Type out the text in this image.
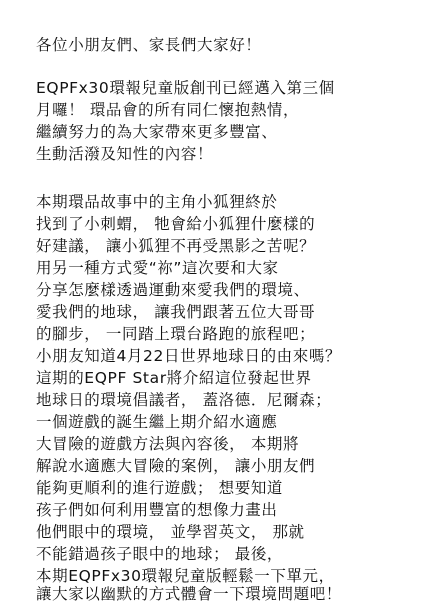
各位小朋友們、家長們大家好！
EQPFx30環報兒童版創刊已經邁入第三個
月囉！ 環品會的所有同仁懷抱熱情，
繼續努力的為大家帶來更多豐富、
生動活潑及知性的內容！
本期環品故事中的主角小狐狸終於
找到了小刺蝟， 牠會給小狐狸什麼樣的
好建議， 讓小狐狸不再受黑影之苦呢？
用另一種方式愛“祢”這次要和大家
分享怎麼樣透過運動來愛我們的環境、
愛我們的地球， 讓我們跟著五位大哥哥
的腳步， 一同踏上環台路跑的旅程吧；
小朋友知道4月22日世界地球日的由來嗎？
這期的EQPF Star將介紹這位發起世界
地球日的環境倡議者， 蓋洛德．尼爾森；
一個遊戲的誕生繼上期介紹水適應
大冒險的遊戲方法與內容後， 本期將
解說水適應大冒險的案例， 讓小朋友們
能夠更順利的進行遊戲； 想要知道
孩子們如何利用豐富的想像力畫出
他們眼中的環境， 並學習英文， 那就
不能錯過孩子眼中的地球； 最後，
本期EQPFx30環報兒童版輕鬆一下單元，
讓大家以幽默的方式體會一下環境問題吧！
